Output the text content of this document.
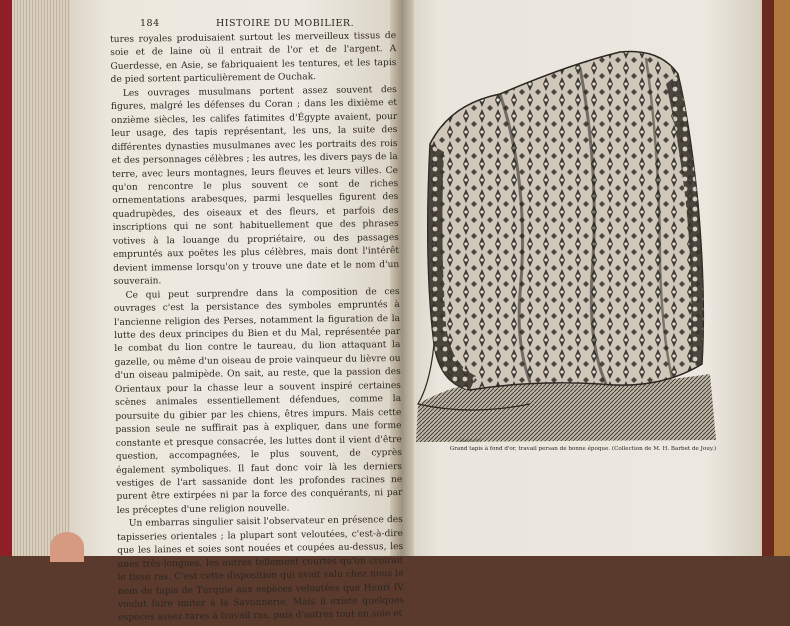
184	HISTOIRE DU MOBILIER.

tures royales produisaient surtout les merveilleux tissus de soie et de laine où il entrait de l'or et de l'argent. A Guerdesse, en Asie, se fabriquaient les tentures, et les tapis de pied sortent particulièrement de Ouchak.

Les ouvrages musulmans portent assez souvent des figures, malgré les défenses du Coran ; dans les dixième et onzième siècles, les califes fatimites d'Égypte avaient, pour leur usage, des tapis représentant, les uns, la suite des différentes dynasties musulmanes avec les portraits des rois et des personnages célèbres ; les autres, les divers pays de la terre, avec leurs montagnes, leurs fleuves et leurs villes. Ce qu'on rencontre le plus souvent ce sont de riches ornementations arabesques, parmi lesquelles figurent des quadrupèdes, des oiseaux et des fleurs, et parfois des inscriptions qui ne sont habituellement que des phrases votives à la louange du propriétaire, ou des passages empruntés aux poëtes les plus célèbres, mais dont l'intérêt devient immense lorsqu'on y trouve une date et le nom d'un souverain.

Ce qui peut surprendre dans la composition de ces ouvrages c'est la persistance des symboles empruntés à l'ancienne religion des Perses, notamment la figuration de la lutte des deux principes du Bien et du Mal, représentée par le combat du lion contre le taureau, du lion attaquant la gazelle, ou même d'un oiseau de proie vainqueur du lièvre ou d'un oiseau palmipède. On sait, au reste, que la passion des Orientaux pour la chasse leur a souvent inspiré certaines scènes animales essentiellement défendues, comme la poursuite du gibier par les chiens, êtres impurs. Mais cette passion seule ne suffirait pas à expliquer, dans une forme constante et presque consacrée, les luttes dont il vient d'être question, accompagnées, le plus souvent, de cyprès également symboliques. Il faut donc voir là les derniers vestiges de l'art sassanide dont les profondes racines ne purent être extirpées ni par la force des conquérants, ni par les préceptes d'une religion nouvelle.

Un embarras singulier saisit l'observateur en présence des tapisseries orientales ; la plupart sont veloutées, c'est-à-dire que les laines et soies sont nouées et coupées au-dessus, les unes très-longues, les autres tellement courtes qu'on croirait le tissu ras. C'est cette disposition qui avait valu chez nous le nom de tapis de Turquie aux espèces veloutées que Henri IV voulut faire imiter à la Savonnerie. Mais il existe quelques espèces assez rares à travail ras, puis d'autres tout en soie et

Gaucherel
Grand tapis à fond d'or, travail persan de bonne époque. (Collection de M. H. Barbet de Jouy.)
